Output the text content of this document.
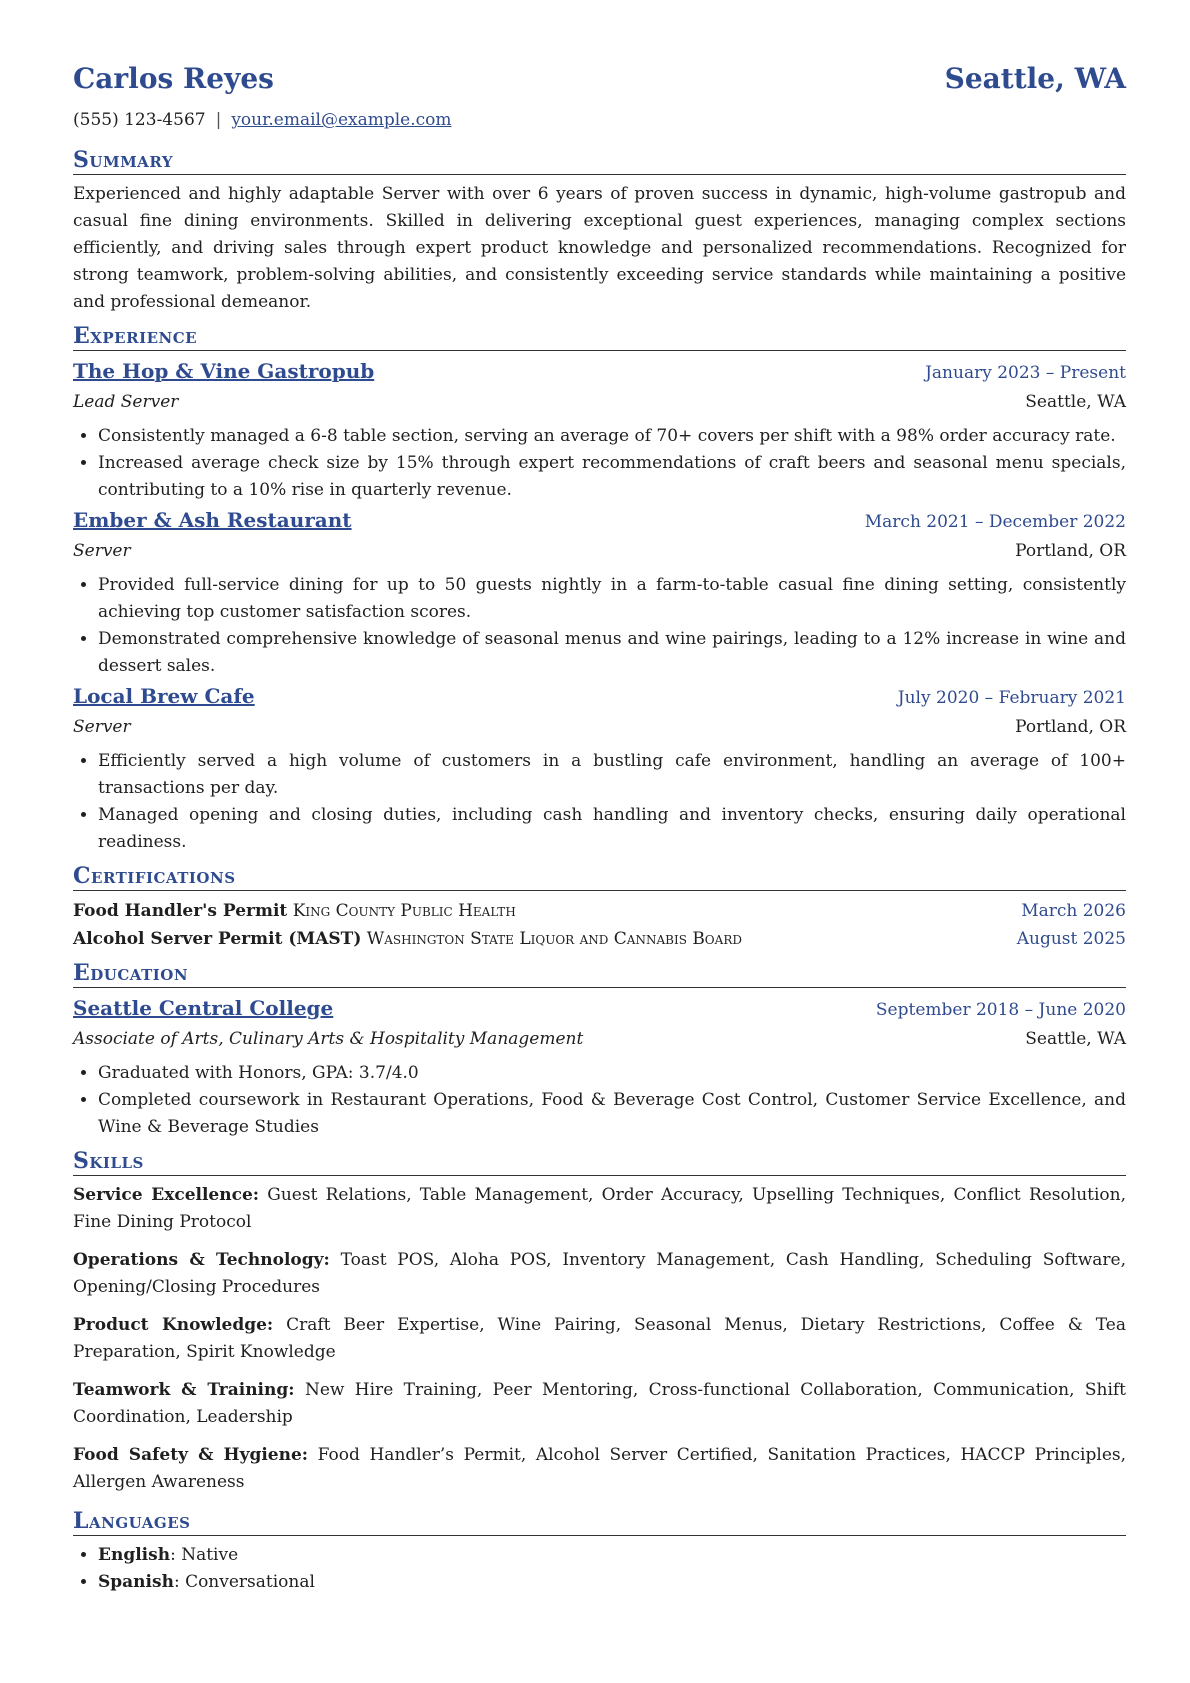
Carlos Reyes	Seattle, WA
(555) 123-4567 | your.email@example.com
Summary
Experienced and highly adaptable Server with over 6 years of proven success in dynamic, high-volume gastropub and casual fine dining environments. Skilled in delivering exceptional guest experiences, managing complex sections efficiently, and driving sales through expert product knowledge and personalized recommendations. Recognized for strong teamwork, problem-solving abilities, and consistently exceeding service standards while maintaining a positive and professional demeanor.
Experience
The Hop & Vine Gastropub	January 2023 – Present
Lead Server	Seattle, WA
• Consistently managed a 6-8 table section, serving an average of 70+ covers per shift with a 98% order accuracy rate.
• Increased average check size by 15% through expert recommendations of craft beers and seasonal menu specials, contributing to a 10% rise in quarterly revenue.
Ember & Ash Restaurant	March 2021 – December 2022
Server	Portland, OR
• Provided full-service dining for up to 50 guests nightly in a farm-to-table casual fine dining setting, consistently achieving top customer satisfaction scores.
• Demonstrated comprehensive knowledge of seasonal menus and wine pairings, leading to a 12% increase in wine and dessert sales.
Local Brew Cafe	July 2020 – February 2021
Server	Portland, OR
• Efficiently served a high volume of customers in a bustling cafe environment, handling an average of 100+ transactions per day.
• Managed opening and closing duties, including cash handling and inventory checks, ensuring daily operational readiness.
Certifications
Food Handler's Permit King County Public Health	March 2026
Alcohol Server Permit (MAST) Washington State Liquor and Cannabis Board	August 2025
Education
Seattle Central College	September 2018 – June 2020
Associate of Arts, Culinary Arts & Hospitality Management	Seattle, WA
• Graduated with Honors, GPA: 3.7/4.0
• Completed coursework in Restaurant Operations, Food & Beverage Cost Control, Customer Service Excellence, and Wine & Beverage Studies
Skills
Service Excellence: Guest Relations, Table Management, Order Accuracy, Upselling Techniques, Conflict Resolution, Fine Dining Protocol
Operations & Technology: Toast POS, Aloha POS, Inventory Management, Cash Handling, Scheduling Software, Opening/Closing Procedures
Product Knowledge: Craft Beer Expertise, Wine Pairing, Seasonal Menus, Dietary Restrictions, Coffee & Tea Preparation, Spirit Knowledge
Teamwork & Training: New Hire Training, Peer Mentoring, Cross-functional Collaboration, Communication, Shift Coordination, Leadership
Food Safety & Hygiene: Food Handler’s Permit, Alcohol Server Certified, Sanitation Practices, HACCP Principles, Allergen Awareness
Languages
• English: Native
• Spanish: Conversational
